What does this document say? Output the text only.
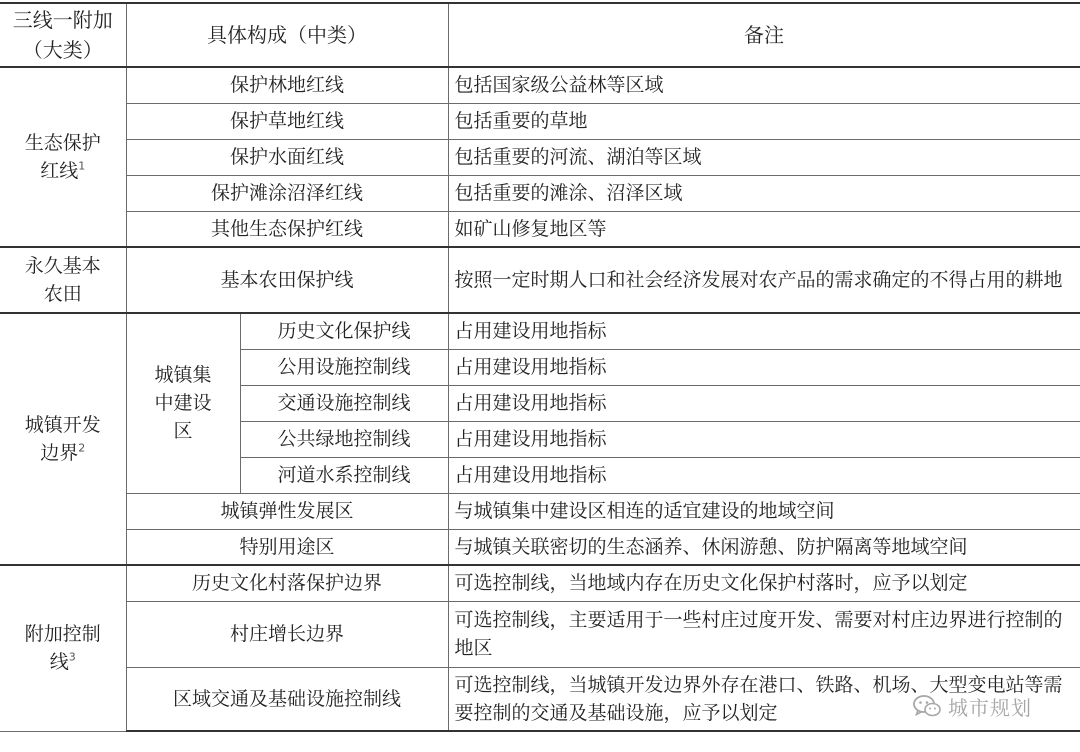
三线一附加（大类）	具体构成（中类）		备注
生态保护红线$^1$	保护林地红线		包括国家级公益林等区域
	保护草地红线		包括重要的草地
	保护水面红线		包括重要的河流、湖泊等区域
	保护滩涂沼泽红线		包括重要的滩涂、沼泽区域
	其他生态保护红线		如矿山修复地区等
永久基本农田	基本农田保护线		按照一定时期人口和社会经济发展对农产品的需求确定的不得占用的耕地
城镇开发边界$^2$	城镇集中建设区	历史文化保护线	占用建设用地指标
		公用设施控制线	占用建设用地指标
		交通设施控制线	占用建设用地指标
		公共绿地控制线	占用建设用地指标
		河道水系控制线	占用建设用地指标
	城镇弹性发展区		与城镇集中建设区相连的适宜建设的地域空间
	特别用途区		与城镇关联密切的生态涵养、休闲游憩、防护隔离等地域空间
附加控制线$^3$	历史文化村落保护边界		可选控制线，当地域内存在历史文化保护村落时，应予以划定
	村庄增长边界		可选控制线，主要适用于一些村庄过度开发、需要对村庄边界进行控制的地区
	区域交通及基础设施控制线		可选控制线，当城镇开发边界外存在港口、铁路、机场、大型变电站等需要控制的交通及基础设施，应予以划定	城市规划
